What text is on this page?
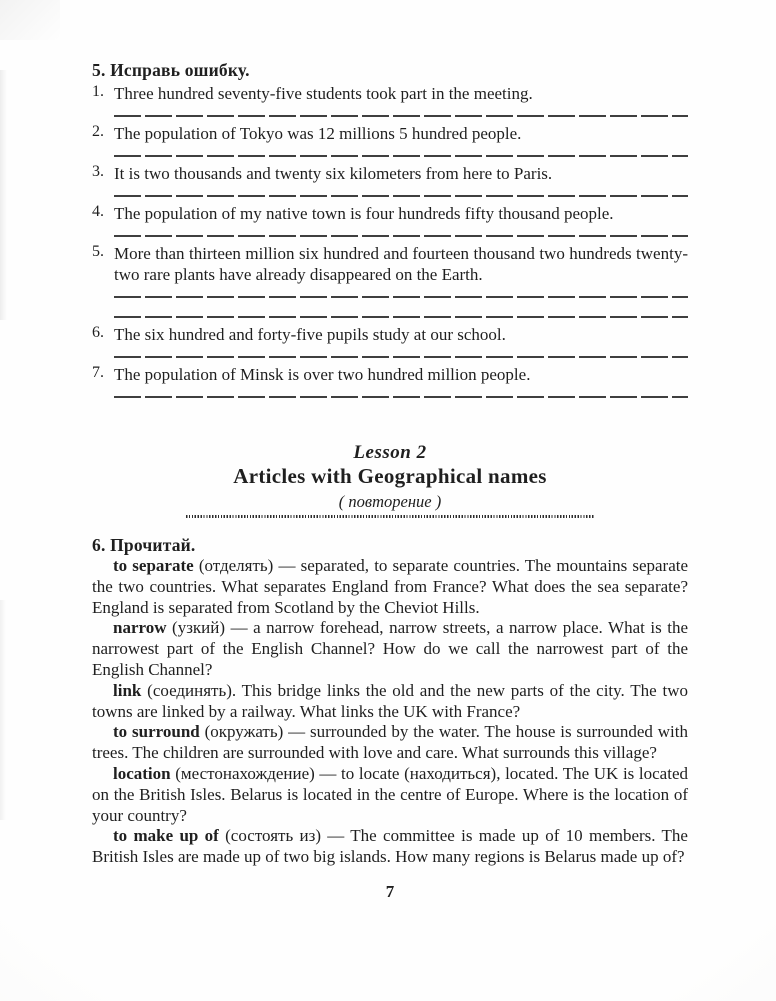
5. Исправь ошибку.
1. Three hundred seventy-five students took part in the meeting.
2. The population of Tokyo was 12 millions 5 hundred people.
3. It is two thousands and twenty six kilometers from here to Paris.
4. The population of my native town is four hundreds fifty thousand people.
5. More than thirteen million six hundred and fourteen thousand two hundreds twenty-two rare plants have already disappeared on the Earth.
6. The six hundred and forty-five pupils study at our school.
7. The population of Minsk is over two hundred million people.
Lesson 2
Articles with Geographical names
( повторение )
6. Прочитай.

to separate (отделять) — separated, to separate countries. The mountains separate the two countries. What separates England from France? What does the sea separate? England is separated from Scotland by the Cheviot Hills.

narrow (узкий) — a narrow forehead, narrow streets, a narrow place. What is the narrowest part of the English Channel? How do we call the narrowest part of the English Channel?

link (соединять). This bridge links the old and the new parts of the city. The two towns are linked by a railway. What links the UK with France?

to surround (окружать) — surrounded by the water. The house is surrounded with trees. The children are surrounded with love and care. What surrounds this village?

location (местонахождение) — to locate (находиться), located. The UK is located on the British Isles. Belarus is located in the centre of Europe. Where is the location of your country?

to make up of (состоять из) — The committee is made up of 10 members. The British Isles are made up of two big islands. How many regions is Belarus made up of?

7
